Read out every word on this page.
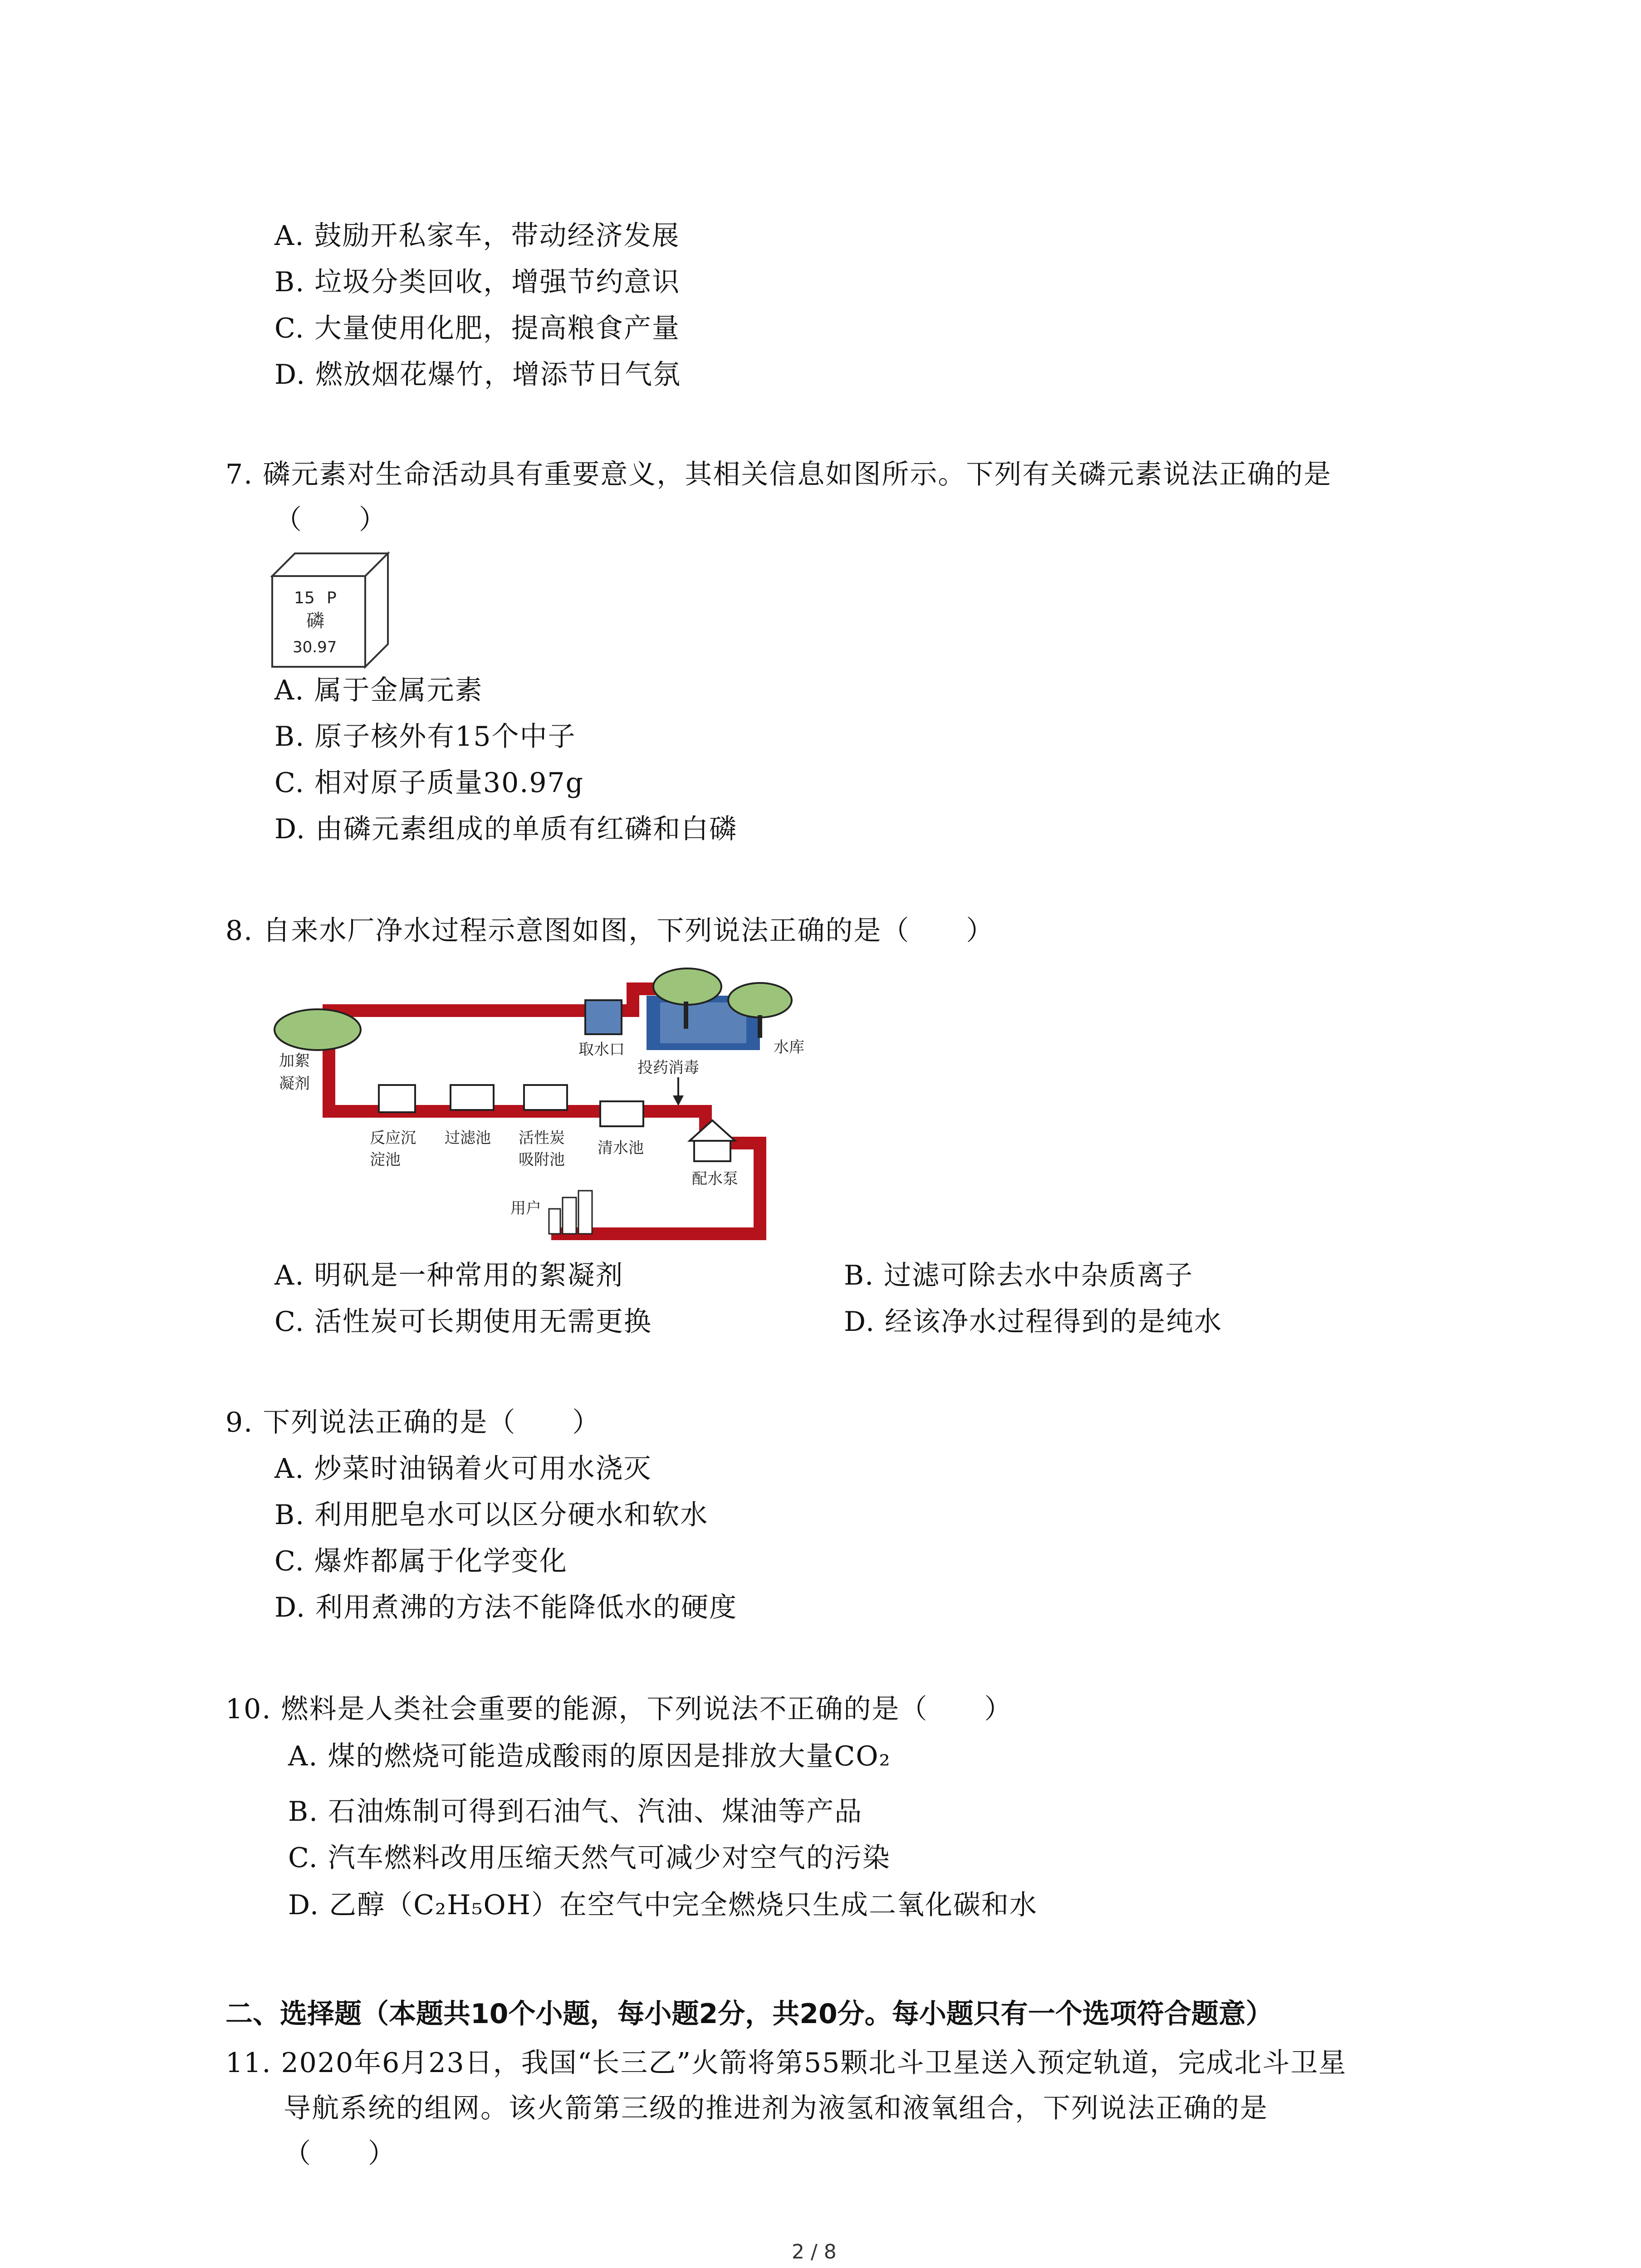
A. 鼓励开私家车，带动经济发展
B. 垃圾分类回收，增强节约意识
C. 大量使用化肥，提高粮食产量
D. 燃放烟花爆竹，增添节日气氛
7. 磷元素对生命活动具有重要意义，其相关信息如图所示。下列有关磷元素说法正确的是
（　　）
15 P
磷
30.97
A. 属于金属元素
B. 原子核外有15个中子
C. 相对原子质量30.97g
D. 由磷元素组成的单质有红磷和白磷
8. 自来水厂净水过程示意图如图，下列说法正确的是（　　）
取水口	水库
加絮
凝剂
投药消毒
反应沉
淀池
过滤池 活性炭
吸附池
清水池
配水泵
用户
A. 明矾是一种常用的絮凝剂	B. 过滤可除去水中杂质离子
C. 活性炭可长期使用无需更换	D. 经该净水过程得到的是纯水
9. 下列说法正确的是（　　）
A. 炒菜时油锅着火可用水浇灭
B. 利用肥皂水可以区分硬水和软水
C. 爆炸都属于化学变化
D. 利用煮沸的方法不能降低水的硬度
10. 燃料是人类社会重要的能源，下列说法不正确的是（　　）
A. 煤的燃烧可能造成酸雨的原因是排放大量CO₂
B. 石油炼制可得到石油气、汽油、煤油等产品
C. 汽车燃料改用压缩天然气可减少对空气的污染
D. 乙醇（C₂H₅OH）在空气中完全燃烧只生成二氧化碳和水
二、选择题（本题共10个小题，每小题2分，共20分。每小题只有一个选项符合题意）
11. 2020年6月23日，我国“长三乙”火箭将第55颗北斗卫星送入预定轨道，完成北斗卫星
导航系统的组网。该火箭第三级的推进剂为液氢和液氧组合，下列说法正确的是
（　　）
2 / 8
